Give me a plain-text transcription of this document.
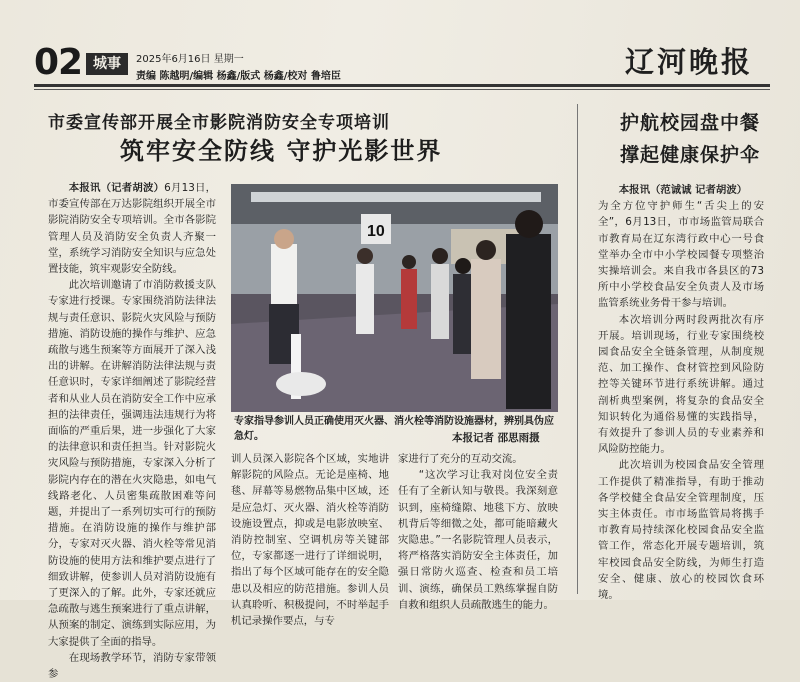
02 城事	2025年6月16日 星期一
责编 陈越明/编辑 杨鑫/版式 杨鑫/校对 鲁培臣	辽河晚报
市委宣传部开展全市影院消防安全专项培训
筑牢安全防线 守护光影世界

本报讯（记者胡波）6月13日，市委宣传部在万达影院组织开展全市影院消防安全专项培训。全市各影院管理人员及消防安全负责人齐聚一堂，系统学习消防安全知识与应急处置技能，筑牢观影安全防线。

此次培训邀请了市消防救援支队专家进行授课。专家围绕消防法律法规与责任意识、影院火灾风险与预防措施、消防设施的操作与维护、应急疏散与逃生预案等方面展开了深入浅出的讲解。在讲解消防法律法规与责任意识时，专家详细阐述了影院经营者和从业人员在消防安全工作中应承担的法律责任，强调违法违规行为将面临的严重后果，进一步强化了大家的法律意识和责任担当。针对影院火灾风险与预防措施，专家深入分析了影院内存在的潜在火灾隐患，如电气线路老化、人员密集疏散困难等问题，并提出了一系列切实可行的预防措施。在消防设施的操作与维护部分，专家对灭火器、消火栓等常见消防设施的使用方法和维护要点进行了细致讲解，使参训人员对消防设施有了更深入的了解。此外，专家还就应急疏散与逃生预案进行了重点讲解，从预案的制定、演练到实际应用，为大家提供了全面的指导。

在现场教学环节，消防专家带领参

10
专家指导参训人员正确使用灭火器、消火栓等消防设施器材，辨别具伪应急灯。	本报记者 邵思雨摄

训人员深入影院各个区域，实地讲解影院的风险点。无论是座椅、地毯、屏幕等易燃物品集中区域，还是应急灯、灭火器、消火栓等消防设施设置点，抑或是电影放映室、消防控制室、空调机房等关键部位，专家都逐一进行了详细说明，指出了每个区域可能存在的安全隐患以及相应的防范措施。参训人员认真聆听、积极提问，不时举起手机记录操作要点，与专

家进行了充分的互动交流。

“这次学习让我对岗位安全责任有了全新认知与敬畏。我深刻意识到，座椅缝隙、地毯下方、放映机背后等细微之处，都可能暗藏火灾隐患。”一名影院管理人员表示，将严格落实消防安全主体责任，加强日常防火巡查、检查和员工培训、演练，确保员工熟练掌握自防自救和组织人员疏散逃生的能力。

护航校园盘中餐
撑起健康保护伞

本报讯（范诚诚 记者胡波）

为全方位守护师生“舌尖上的安全”，6月13日，市市场监管局联合市教育局在辽东湾行政中心一号食堂举办全市中小学校园餐专项整治实操培训会。来自我市各县区的73所中小学校食品安全负责人及市场监管系统业务骨干参与培训。

本次培训分两时段两批次有序开展。培训现场，行业专家围绕校园食品安全全链条管理，从制度规范、加工操作、食材管控到风险防控等关键环节进行系统讲解。通过剖析典型案例，将复杂的食品安全知识转化为通俗易懂的实践指导，有效提升了参训人员的专业素养和风险防控能力。

此次培训为校园食品安全管理工作提供了精准指导，有助于推动各学校健全食品安全管理制度，压实主体责任。市市场监管局将携手市教育局持续深化校园食品安全监管工作，常态化开展专题培训，筑牢校园食品安全防线，为师生打造安全、健康、放心的校园饮食环境。
